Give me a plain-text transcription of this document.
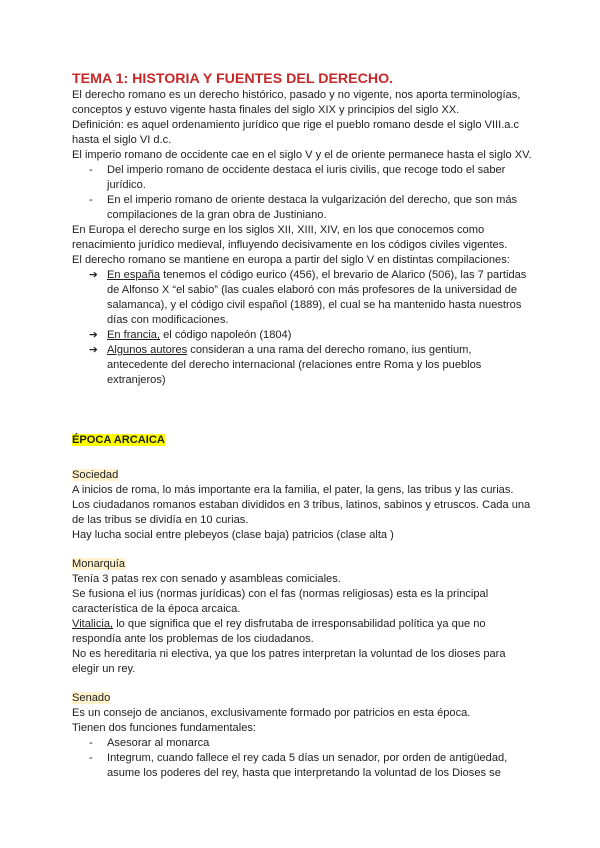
TEMA 1: HISTORIA Y FUENTES DEL DERECHO.

El derecho romano es un derecho histórico, pasado y no vigente, nos aporta terminologías, conceptos y estuvo vigente hasta finales del siglo XIX y principios del siglo XX.

Definición: es aquel ordenamiento jurídico que rige el pueblo romano desde el siglo VIII.a.c hasta el siglo VI d.c.

El imperio romano de occidente cae en el siglo V y el de oriente permanece hasta el siglo XV.

- Del imperio romano de occidente destaca el iuris civilis, que recoge todo el saber jurídico.
- En el imperio romano de oriente destaca la vulgarización del derecho, que son más compilaciones de la gran obra de Justiniano.

En Europa el derecho surge en los siglos XII, XIII, XIV, en los que conocemos como renacimiento jurídico medieval, influyendo decisivamente en los códigos civiles vigentes.

El derecho romano se mantiene en europa a partir del siglo V en distintas compilaciones:

➔ En españa tenemos el código eurico (456), el brevario de Alarico (506), las 7 partidas de Alfonso X “el sabio” (las cuales elaboró con más profesores de la universidad de salamanca), y el código civil español (1889), el cual se ha mantenido hasta nuestros días con modificaciones.
➔ En francia, el código napoleón (1804)
➔ Algunos autores consideran a una rama del derecho romano, ius gentium, antecedente del derecho internacional (relaciones entre Roma y los pueblos extranjeros)

ÉPOCA ARCAICA

Sociedad

A inicios de roma, lo más importante era la familia, el pater, la gens, las tribus y las curias. Los ciudadanos romanos estaban divididos en 3 tribus, latinos, sabinos y etruscos. Cada una de las tribus se dividía en 10 curias.

Hay lucha social entre plebeyos (clase baja) patricios (clase alta )

Monarquía

Tenía 3 patas rex con senado y asambleas comiciales.

Se fusiona el ius (normas jurídicas) con el fas (normas religiosas) esta es la principal característica de la época arcaica.

Vitalicia, lo que significa que el rey disfrutaba de irresponsabilidad política ya que no respondía ante los problemas de los ciudadanos.

No es hereditaria ni electiva, ya que los patres interpretan la voluntad de los dioses para elegir un rey.

Senado

Es un consejo de ancianos, exclusivamente formado por patricios en esta época.

Tienen dos funciones fundamentales:

- Asesorar al monarca
- Integrum, cuando fallece el rey cada 5 días un senador, por orden de antigüedad, asume los poderes del rey, hasta que interpretando la voluntad de los Dioses se
